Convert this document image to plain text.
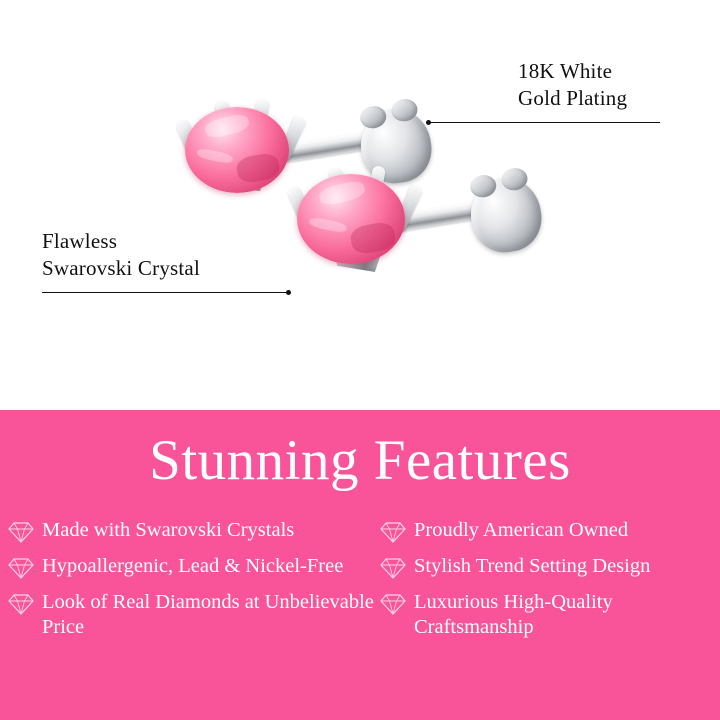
18K White
Gold Plating
Flawless
Swarovski Crystal
Stunning Features
Made with Swarovski Crystals	Proudly American Owned
Hypoallergenic, Lead & Nickel-Free	Stylish Trend Setting Design
Look of Real Diamonds at Unbelievable Price
Luxurious High-Quality Craftsmanship
